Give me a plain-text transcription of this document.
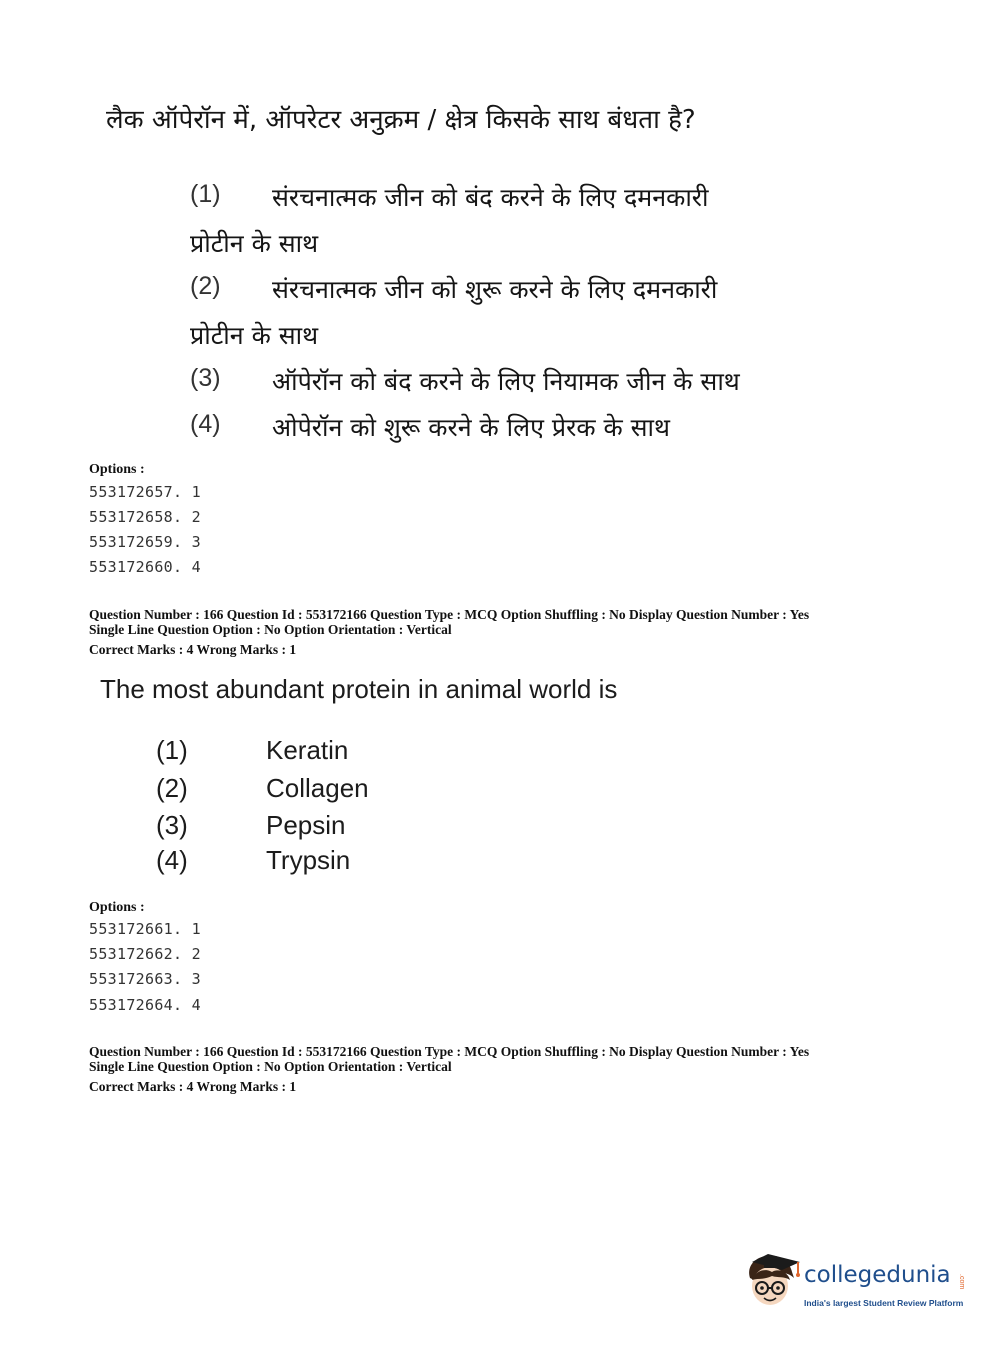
लैक ऑपेरॉन में, ऑपरेटर अनुक्रम / क्षेत्र किसके साथ बंधता है?
(1) संरचनात्मक जीन को बंद करने के लिए दमनकारी
प्रोटीन के साथ
(2) संरचनात्मक जीन को शुरू करने के लिए दमनकारी
प्रोटीन के साथ
(3) ऑपेरॉन को बंद करने के लिए नियामक जीन के साथ
(4) ओपेरॉन को शुरू करने के लिए प्रेरक के साथ
Options :
553172657. 1
553172658. 2
553172659. 3
553172660. 4
Question Number : 166 Question Id : 553172166 Question Type : MCQ Option Shuffling : No Display Question Number : Yes
Single Line Question Option : No Option Orientation : Vertical
Correct Marks : 4 Wrong Marks : 1
The most abundant protein in animal world is
(1)	Keratin
(2)	Collagen
(3)	Pepsin
(4)	Trypsin
Options :
553172661. 1
553172662. 2
553172663. 3
553172664. 4
Question Number : 166 Question Id : 553172166 Question Type : MCQ Option Shuffling : No Display Question Number : Yes
Single Line Question Option : No Option Orientation : Vertical
Correct Marks : 4 Wrong Marks : 1
collegedunia .com
India's largest Student Review Platform
